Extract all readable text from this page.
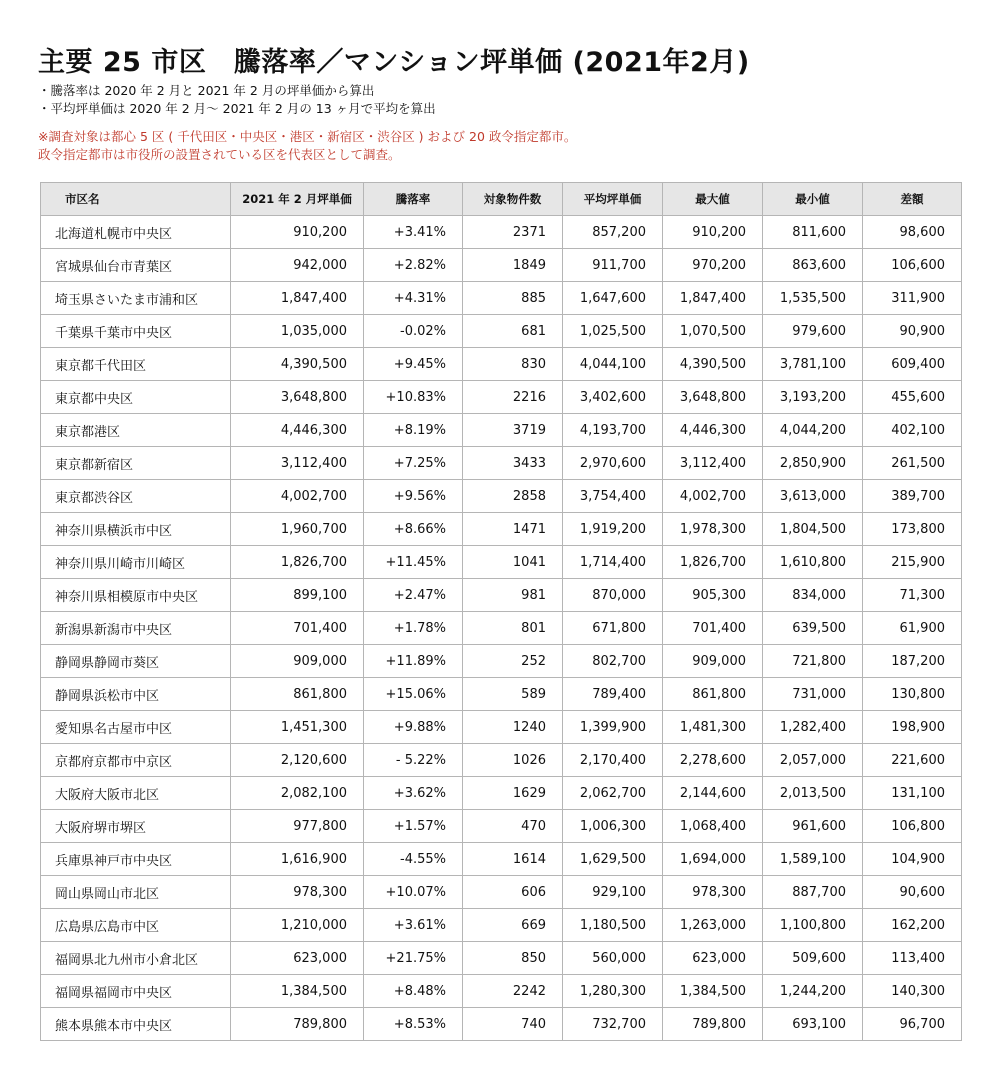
主要 25 市区　騰落率／マンション坪単価 (2021年2月)
・騰落率は 2020 年 2 月と 2021 年 2 月の坪単価から算出
・平均坪単価は 2020 年 2 月〜 2021 年 2 月の 13 ヶ月で平均を算出
※調査対象は都心 5 区 ( 千代田区・中央区・港区・新宿区・渋谷区 ) および 20 政令指定都市。
政令指定都市は市役所の設置されている区を代表区として調查。
市区名	2021 年 2 月坪単価	騰落率	対象物件数	平均坪単価	最大値	最小値	差額
北海道札幌市中央区	910,200	+3.41%	2371	857,200	910,200	811,600	98,600
宮城県仙台市青葉区	942,000	+2.82%	1849	911,700	970,200	863,600	106,600
埼玉県さいたま市浦和区	1,847,400	+4.31%	885	1,647,600	1,847,400	1,535,500	311,900
千葉県千葉市中央区	1,035,000	-0.02%	681	1,025,500	1,070,500	979,600	90,900
東京都千代田区	4,390,500	+9.45%	830	4,044,100	4,390,500	3,781,100	609,400
東京都中央区	3,648,800	+10.83%	2216	3,402,600	3,648,800	3,193,200	455,600
東京都港区	4,446,300	+8.19%	3719	4,193,700	4,446,300	4,044,200	402,100
東京都新宿区	3,112,400	+7.25%	3433	2,970,600	3,112,400	2,850,900	261,500
東京都渋谷区	4,002,700	+9.56%	2858	3,754,400	4,002,700	3,613,000	389,700
神奈川県横浜市中区	1,960,700	+8.66%	1471	1,919,200	1,978,300	1,804,500	173,800
神奈川県川崎市川崎区	1,826,700	+11.45%	1041	1,714,400	1,826,700	1,610,800	215,900
神奈川県相模原市中央区	899,100	+2.47%	981	870,000	905,300	834,000	71,300
新潟県新潟市中央区	701,400	+1.78%	801	671,800	701,400	639,500	61,900
静岡県静岡市葵区	909,000	+11.89%	252	802,700	909,000	721,800	187,200
静岡県浜松市中区	861,800	+15.06%	589	789,400	861,800	731,000	130,800
愛知県名古屋市中区	1,451,300	+9.88%	1240	1,399,900	1,481,300	1,282,400	198,900
京都府京都市中京区	2,120,600	- 5.22%	1026	2,170,400	2,278,600	2,057,000	221,600
大阪府大阪市北区	2,082,100	+3.62%	1629	2,062,700	2,144,600	2,013,500	131,100
大阪府堺市堺区	977,800	+1.57%	470	1,006,300	1,068,400	961,600	106,800
兵庫県神戸市中央区	1,616,900	-4.55%	1614	1,629,500	1,694,000	1,589,100	104,900
岡山県岡山市北区	978,300	+10.07%	606	929,100	978,300	887,700	90,600
広島県広島市中区	1,210,000	+3.61%	669	1,180,500	1,263,000	1,100,800	162,200
福岡県北九州市小倉北区	623,000	+21.75%	850	560,000	623,000	509,600	113,400
福岡県福岡市中央区	1,384,500	+8.48%	2242	1,280,300	1,384,500	1,244,200	140,300
熊本県熊本市中央区	789,800	+8.53%	740	732,700	789,800	693,100	96,700
